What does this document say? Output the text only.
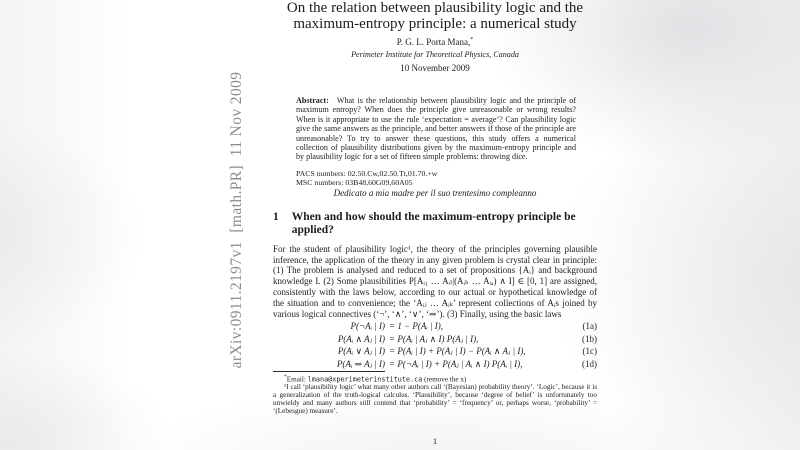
arXiv:0911.2197v1  [math.PR]  11 Nov 2009
On the relation between plausibility logic and the maximum-entropy principle: a numerical study
P. G. L. Porta Mana,*
Perimeter Institute for Theoretical Physics, Canada
10 November 2009
Abstract: What is the relationship between plausibility logic and the principle of maximum entropy? When does the principle give unreasonable or wrong results? When is it appropriate to use the rule ‘expectation = average’? Can plausibility logic give the same answers as the principle, and better answers if those of the principle are unreasonable? To try to answer these questions, this study offers a numerical collection of plausibility distributions given by the maximum-entropy principle and by plausibility logic for a set of fifteen simple problems: throwing dice.
PACS numbers: 02.50.Cw,02.50.Tt,01.70.+w
MSC numbers: 03B48,60G09,60A05
Dedicato a mia madre per il suo trentesimo compleanno
1 When and how should the maximum-entropy principle be applied?

For the student of plausibility logic¹, the theory of the principles governing plausible inference, the application of the theory in any given problem is crystal clear in principle: (1) The problem is analysed and reduced to a set of propositions {Aᵢ} and background knowledge I. (2) Some plausibilities P[Aᵢ₁ … Aᵢₗ|(Aᵢₕ … Aᵢₐ) ∧ I] ∈ [0, 1] are assigned, consistently with the laws below, according to our actual or hypothetical knowledge of the situation and to convenience; the ‘Aᵢⱼ … Aᵢₖ’ represent collections of Aᵢs joined by various logical connectives (‘¬’, ‘∧’, ‘∨’, ‘⇒’). (3) Finally, using the basic laws

P(¬Aᵢ | I) = 1 − P(Aᵢ | I),	(1a)
P(Aᵢ ∧ Aⱼ | I) = P(Aᵢ | Aⱼ ∧ I) P(Aⱼ | I),	(1b)
P(Aᵢ ∨ Aⱼ | I) = P(Aᵢ | I) + P(Aⱼ | I) − P(Aᵢ ∧ Aⱼ | I),	(1c)
P(Aᵢ ⇒ Aⱼ | I) = P(¬Aᵢ | I) + P(Aⱼ | Aᵢ ∧ I) P(Aᵢ | I),	(1d)
*Email: lmana@xperimeterinstitute.ca (remove the x)
¹I call ‘plausibility logic’ what many other authors call ‘(Bayesian) probability theory’. ‘Logic’, because it is a generalization of the truth-logical calculus. ‘Plausibility’, because ‘degree of belief’ is unfortunately too unwieldy and many authors still contend that ‘probability’ = ‘frequency’ or, perhaps worse, ‘probability’ = ‘(Lebesgue) measure’.
1
